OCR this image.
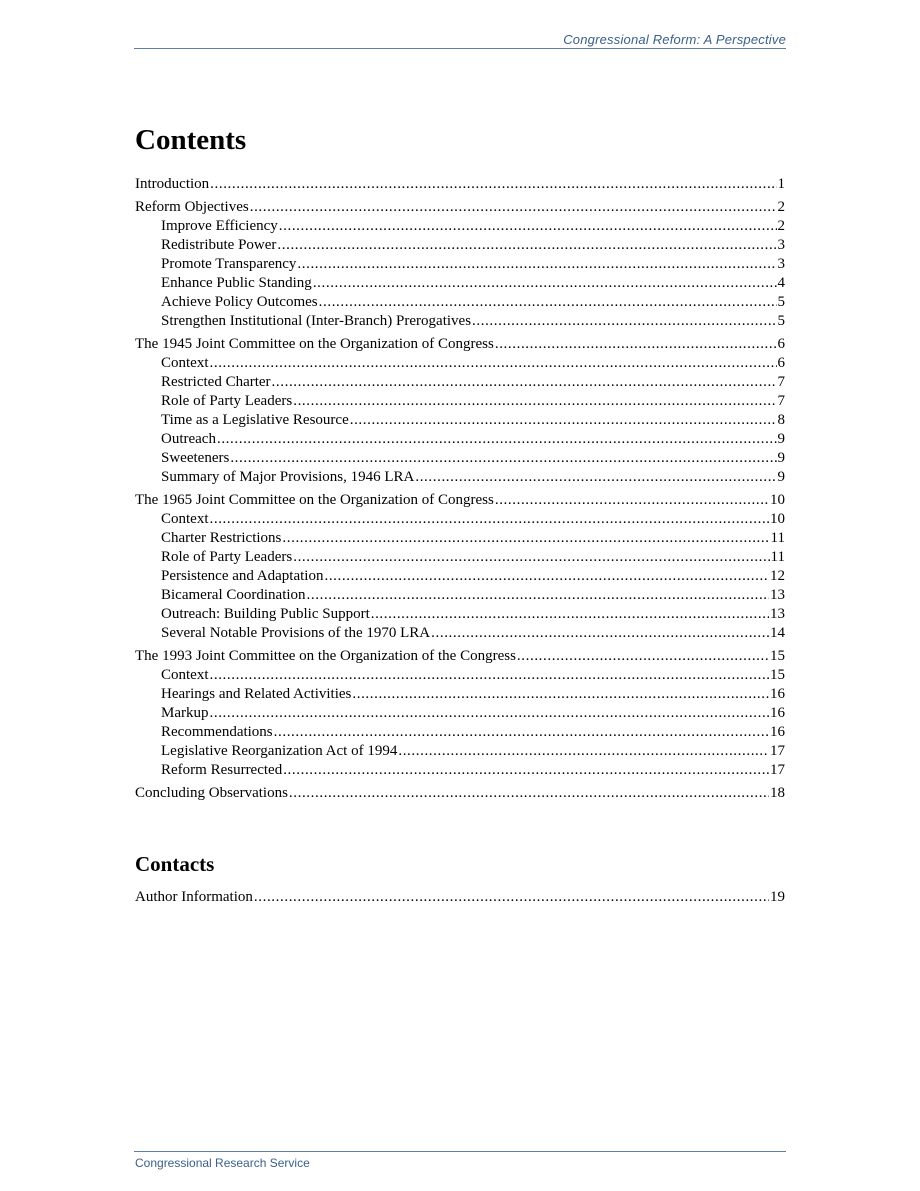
Congressional Reform: A Perspective
Contents
Introduction .....	1
Reform Objectives .....	2
Improve Efficiency .....	2
Redistribute Power .....	3
Promote Transparency .....	3
Enhance Public Standing .....	4
Achieve Policy Outcomes .....	5
Strengthen Institutional (Inter-Branch) Prerogatives .....	5
The 1945 Joint Committee on the Organization of Congress .....	6
Context .....	6
Restricted Charter .....	7
Role of Party Leaders .....	7
Time as a Legislative Resource .....	8
Outreach .....	9
Sweeteners .....	9
Summary of Major Provisions, 1946 LRA .....	9
The 1965 Joint Committee on the Organization of Congress .....	10
Context .....	10
Charter Restrictions .....	11
Role of Party Leaders .....	11
Persistence and Adaptation .....	12
Bicameral Coordination .....	13
Outreach: Building Public Support .....	13
Several Notable Provisions of the 1970 LRA .....	14
The 1993 Joint Committee on the Organization of the Congress .....	15
Context .....	15
Hearings and Related Activities .....	16
Markup .....	16
Recommendations .....	16
Legislative Reorganization Act of 1994 .....	17
Reform Resurrected .....	17
Concluding Observations .....	18
Contacts
Author Information .....	19
Congressional Research Service
